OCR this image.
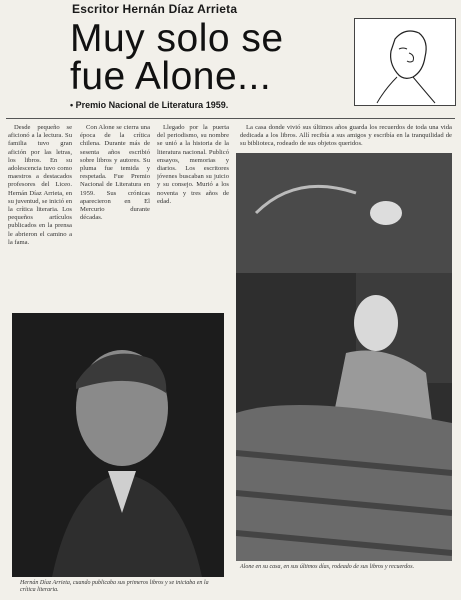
Escritor Hernán Díaz Arrieta
Muy solo se fue Alone...
• Premio Nacional de Literatura 1959.

Desde pequeño se aficionó a la lectura. Su familia tuvo gran afición por las letras, los libros. En su adolescencia tuvo como maestros a destacados profesores del Liceo. Hernán Díaz Arrieta, en su juventud, se inició en la crítica literaria. Los pequeños artículos publicados en la prensa le abrieron el camino a la fama.

Con Alone se cierra una época de la crítica chilena. Durante más de sesenta años escribió sobre libros y autores. Su pluma fue temida y respetada. Fue Premio Nacional de Literatura en 1959. Sus crónicas aparecieron en El Mercurio durante décadas.

Llegado por la puerta del periodismo, su nombre se unió a la historia de la literatura nacional. Publicó ensayos, memorias y diarios. Los escritores jóvenes buscaban su juicio y su consejo. Murió a los noventa y tres años de edad.

La casa donde vivió sus últimos años guarda los recuerdos de toda una vida dedicada a los libros. Allí recibía a sus amigos y escribía en la tranquilidad de su biblioteca, rodeado de sus objetos queridos.

Hernán Díaz Arrieta, cuando publicaba sus primeros libros y se iniciaba en la crítica literaria.
Alone en su casa, en sus últimos días, rodeado de sus libros y recuerdos.
